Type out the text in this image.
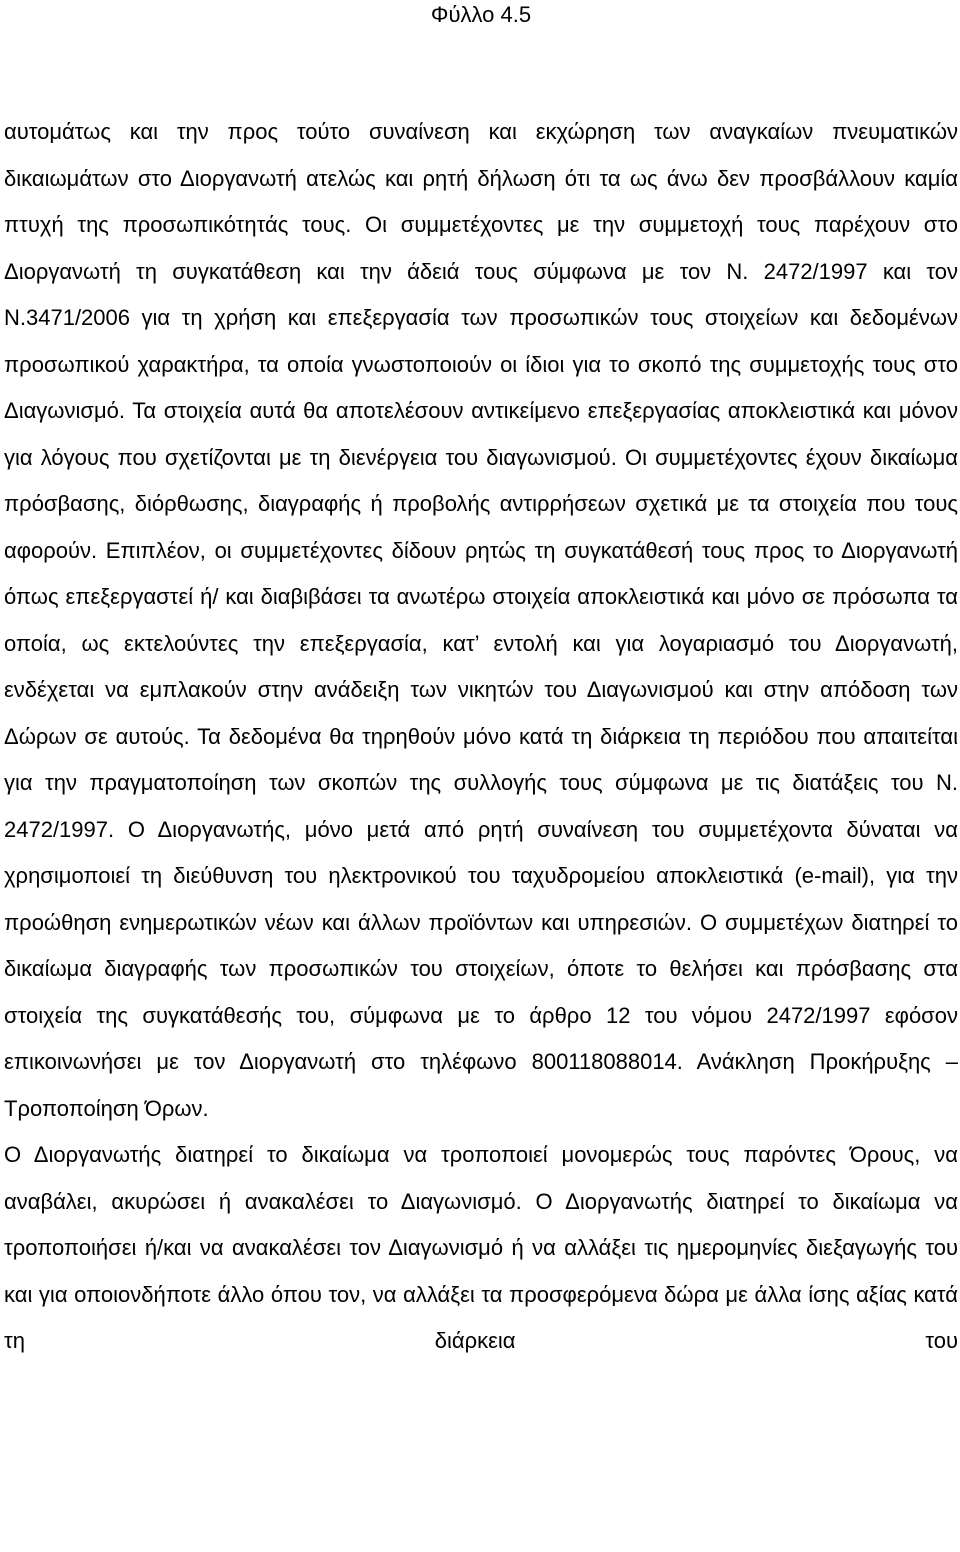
Φύλλο 4.5

αυτομάτως και την προς τούτο συναίνεση και εκχώρηση των αναγκαίων πνευματικών δικαιωμάτων στο Διοργανωτή ατελώς και ρητή δήλωση ότι τα ως άνω δεν προσβάλλουν καμία πτυχή της προσωπικότητάς τους. Οι συμμετέχοντες με την συμμετοχή τους παρέχουν στο Διοργανωτή τη συγκατάθεση και την άδειά τους σύμφωνα με τον Ν. 2472/1997 και τον Ν.3471/2006 για τη χρήση και επεξεργασία των προσωπικών τους στοιχείων και δεδομένων προσωπικού χαρακτήρα, τα οποία γνωστοποιούν οι ίδιοι για το σκοπό της συμμετοχής τους στο Διαγωνισμό. Τα στοιχεία αυτά θα αποτελέσουν αντικείμενο επεξεργασίας αποκλειστικά και μόνον για λόγους που σχετίζονται με τη διενέργεια του διαγωνισμού. Οι συμμετέχοντες έχουν δικαίωμα πρόσβασης, διόρθωσης, διαγραφής ή προβολής αντιρρήσεων σχετικά με τα στοιχεία που τους αφορούν. Επιπλέον, οι συμμετέχοντες δίδουν ρητώς τη συγκατάθεσή τους προς το Διοργανωτή όπως επεξεργαστεί ή/ και διαβιβάσει τα ανωτέρω στοιχεία αποκλειστικά και μόνο σε πρόσωπα τα οποία, ως εκτελούντες την επεξεργασία, κατ’ εντολή και για λογαριασμό του Διοργανωτή, ενδέχεται να εμπλακούν στην ανάδειξη των νικητών του Διαγωνισμού και στην απόδοση των Δώρων σε αυτούς. Τα δεδομένα θα τηρηθούν μόνο κατά τη διάρκεια τη περιόδου που απαιτείται για την πραγματοποίηση των σκοπών της συλλογής τους σύμφωνα με τις διατάξεις του Ν. 2472/1997. Ο Διοργανωτής, μόνο μετά από ρητή συναίνεση του συμμετέχοντα δύναται να χρησιμοποιεί τη διεύθυνση του ηλεκτρονικού του ταχυδρομείου αποκλειστικά (e-mail), για την προώθηση ενημερωτικών νέων και άλλων προϊόντων και υπηρεσιών. Ο συμμετέχων διατηρεί το δικαίωμα διαγραφής των προσωπικών του στοιχείων, όποτε το θελήσει και πρόσβασης στα στοιχεία της συγκατάθεσής του, σύμφωνα με το άρθρο 12 του νόμου 2472/1997 εφόσον επικοινωνήσει με τον Διοργανωτή στο τηλέφωνο 800118088014. Ανάκληση Προκήρυξης – Τροποποίηση Όρων.

Ο Διοργανωτής διατηρεί το δικαίωμα να τροποποιεί μονομερώς τους παρόντες Όρους, να αναβάλει, ακυρώσει ή ανακαλέσει το Διαγωνισμό. Ο Διοργανωτής διατηρεί το δικαίωμα να τροποποιήσει ή/και να ανακαλέσει τον Διαγωνισμό ή να αλλάξει τις ημερομηνίες διεξαγωγής του και για οποιονδήποτε άλλο όπου τον, να αλλάξει τα προσφερόμενα δώρα με άλλα ίσης αξίας κατά τη διάρκεια του
